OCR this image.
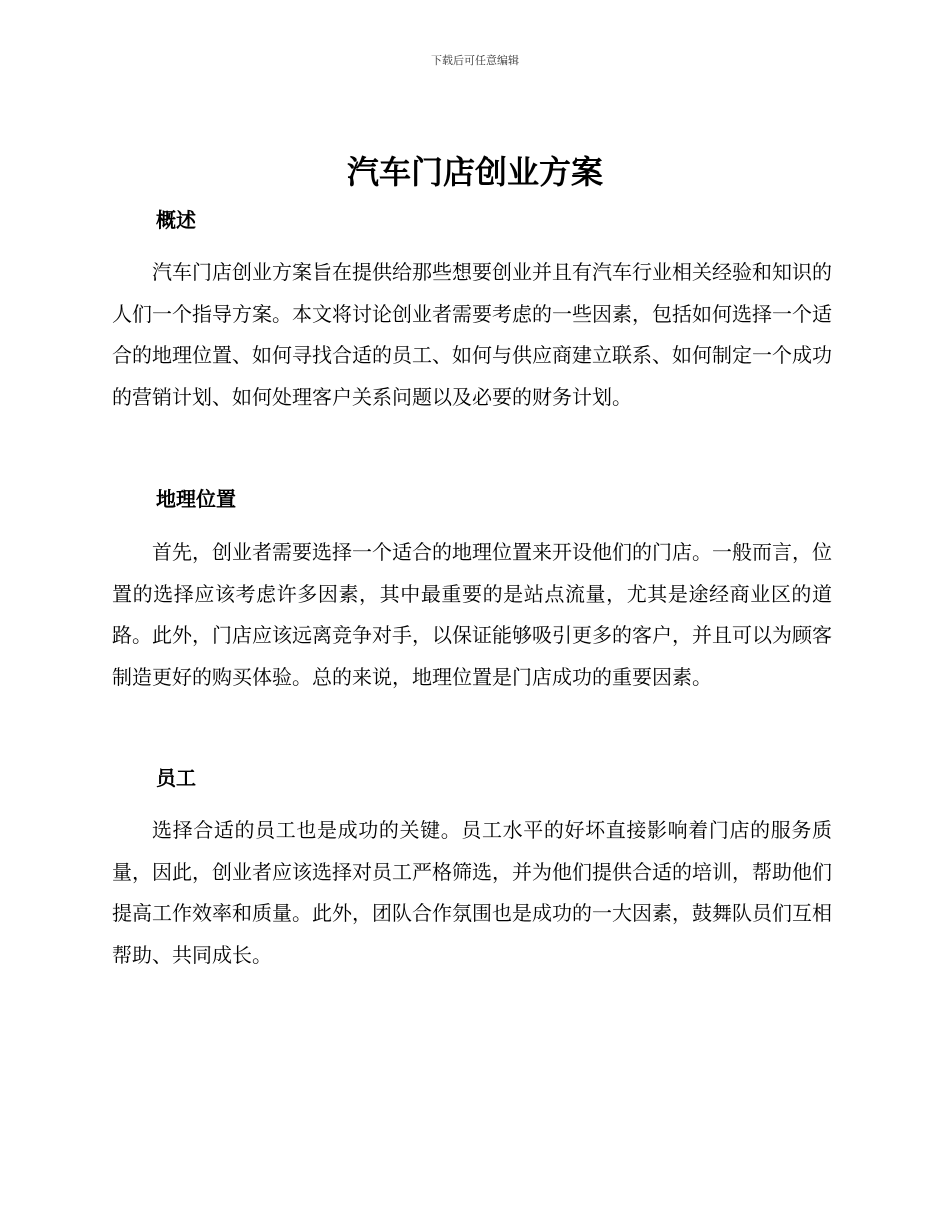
下载后可任意编辑
汽车门店创业方案
概述

汽车门店创业方案旨在提供给那些想要创业并且有汽车行业相关经验和知识的人们一个指导方案。本文将讨论创业者需要考虑的一些因素，包括如何选择一个适合的地理位置、如何寻找合适的员工、如何与供应商建立联系、如何制定一个成功的营销计划、如何处理客户关系问题以及必要的财务计划。

地理位置

首先，创业者需要选择一个适合的地理位置来开设他们的门店。一般而言，位置的选择应该考虑许多因素，其中最重要的是站点流量，尤其是途经商业区的道路。此外，门店应该远离竞争对手，以保证能够吸引更多的客户，并且可以为顾客制造更好的购买体验。总的来说，地理位置是门店成功的重要因素。

员工

选择合适的员工也是成功的关键。员工水平的好坏直接影响着门店的服务质量，因此，创业者应该选择对员工严格筛选，并为他们提供合适的培训，帮助他们提高工作效率和质量。此外，团队合作氛围也是成功的一大因素，鼓舞队员们互相帮助、共同成长。
